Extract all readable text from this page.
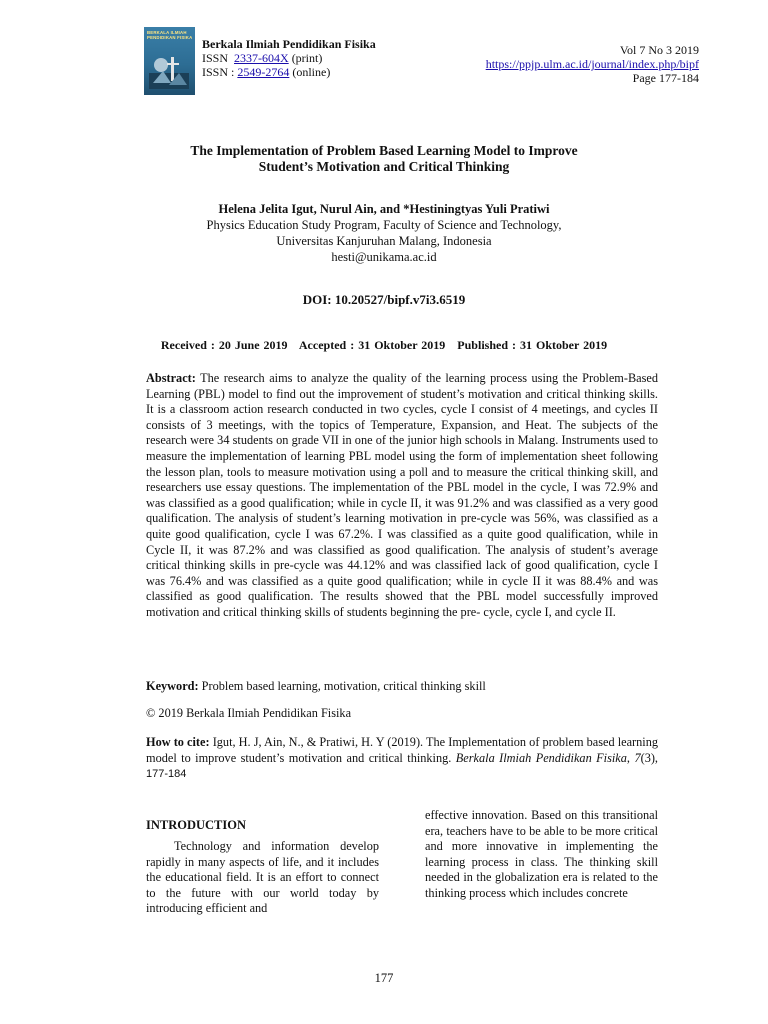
BERKALA ILMIAH PENDIDIKAN FISIKA Berkala Ilmiah Pendidikan Fisika
ISSN 2337-604X (print)
ISSN : 2549-2764 (online)
Vol 7 No 3 2019
https://ppjp.ulm.ac.id/journal/index.php/bipf
Page 177-184
The Implementation of Problem Based Learning Model to Improve
Student’s Motivation and Critical Thinking
Helena Jelita Igut, Nurul Ain, and *Hestiningtyas Yuli Pratiwi
Physics Education Study Program, Faculty of Science and Technology,
Universitas Kanjuruhan Malang, Indonesia
hesti@unikama.ac.id
DOI: 10.20527/bipf.v7i3.6519
Received : 20 June 2019   Accepted : 31 Oktober 2019   Published : 31 Oktober 2019

Abstract: The research aims to analyze the quality of the learning process using the Problem-Based Learning (PBL) model to find out the improvement of student’s motivation and critical thinking skills. It is a classroom action research conducted in two cycles, cycle I consist of 4 meetings, and cycles II consists of 3 meetings, with the topics of Temperature, Expansion, and Heat. The subjects of the research were 34 students on grade VII in one of the junior high schools in Malang. Instruments used to measure the implementation of learning PBL model using the form of implementation sheet following the lesson plan, tools to measure motivation using a poll and to measure the critical thinking skill, and researchers use essay questions. The implementation of the PBL model in the cycle, I was 72.9% and was classified as a good qualification; while in cycle II, it was 91.2% and was classified as a very good qualification. The analysis of student’s learning motivation in pre-cycle was 56%, was classified as a quite good qualification, cycle I was 67.2%. I was classified as a quite good qualification, while in Cycle II, it was 87.2% and was classified as good qualification. The analysis of student’s average critical thinking skills in pre-cycle was 44.12% and was classified lack of good qualification, cycle I was 76.4% and was classified as a quite good qualification; while in cycle II it was 88.4% and was classified as good qualification. The results showed that the PBL model successfully improved motivation and critical thinking skills of students beginning the pre- cycle, cycle I, and cycle II.

Keyword: Problem based learning, motivation, critical thinking skill

© 2019 Berkala Ilmiah Pendidikan Fisika

How to cite: Igut, H. J, Ain, N., & Pratiwi, H. Y (2019). The Implementation of problem based learning model to improve student’s motivation and critical thinking. Berkala Ilmiah Pendidikan Fisika, 7(3), 177-184

INTRODUCTION

Technology and information develop rapidly in many aspects of life, and it includes the educational field. It is an effort to connect to the future with our world today by introducing efficient and

effective innovation. Based on this transitional era, teachers have to be able to be more critical and more innovative in implementing the learning process in class. The thinking skill needed in the globalization era is related to the thinking process which includes concrete

177
